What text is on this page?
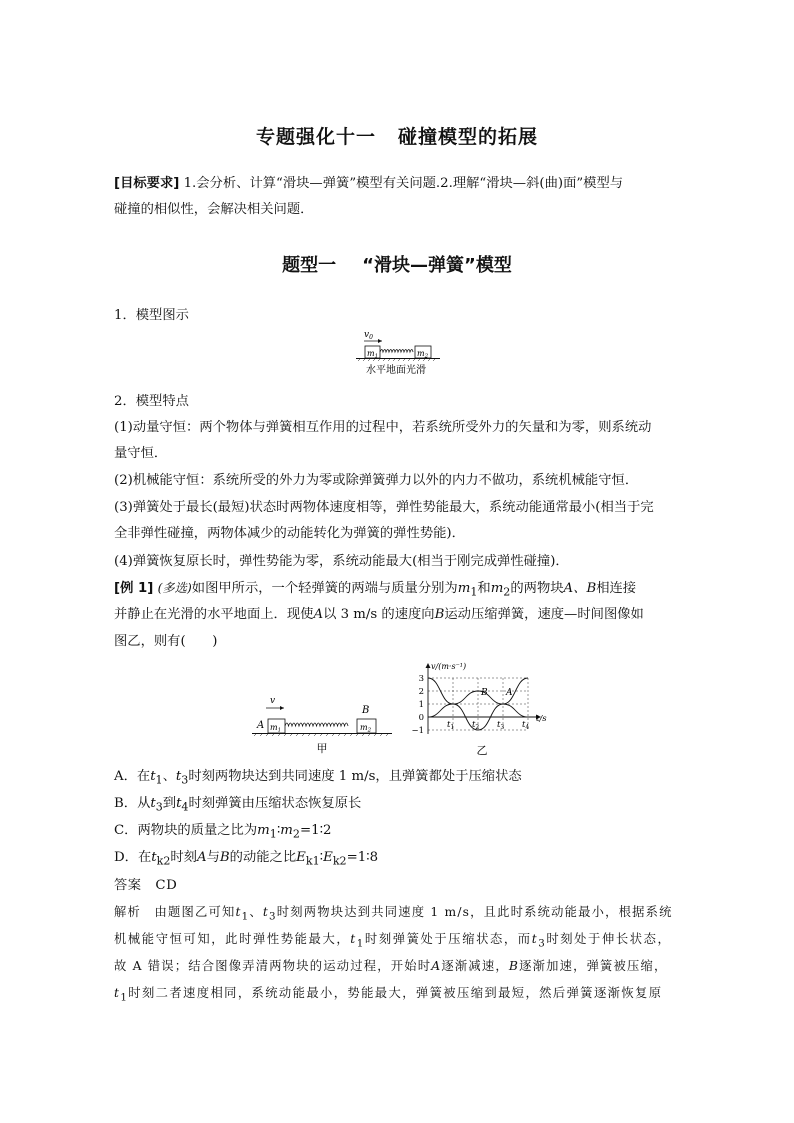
专题强化十一 碰撞模型的拓展
[目标要求] 1.会分析、计算“滑块—弹簧”模型有关问题.2.理解“滑块—斜(曲)面”模型与
碰撞的相似性，会解决相关问题．
题型一 “滑块—弹簧”模型
1．模型图示
$v_0$
m1	m2
水平地面光滑
2．模型特点
(1)动量守恒：两个物体与弹簧相互作用的过程中，若系统所受外力的矢量和为零，则系统动
量守恒．
(2)机械能守恒：系统所受的外力为零或除弹簧弹力以外的内力不做功，系统机械能守恒．
(3)弹簧处于最长(最短)状态时两物体速度相等，弹性势能最大，系统动能通常最小(相当于完
全非弹性碰撞，两物体减少的动能转化为弹簧的弹性势能)．
(4)弹簧恢复原长时，弹性势能为零，系统动能最大(相当于刚完成弹性碰撞)．
[例 1] (多选)如图甲所示，一个轻弹簧的两端与质量分别为$m_1$和$m_2$的两物块A、B相连接
并静止在光滑的水平地面上．现使A以 3 m/s 的速度向B运动压缩弹簧，速度—时间图像如
图乙，则有(　　)
v
A m1
B
m2
甲
v/(m·s⁻¹)
3
2
1
0
−1
t/s
$t_1$ $t_2$ $t_3$ $t_4$
B A
乙
A．在$t_1$、$t_3$时刻两物块达到共同速度 1 m/s，且弹簧都处于压缩状态
B．从$t_3$到$t_4$时刻弹簧由压缩状态恢复原长
C．两物块的质量之比为$m_1∶m_2=1∶2$
D．在$t_{k2}$时刻A与B的动能之比$E_{k1}∶E_{k2}=1∶8$
答案  CD
解析  由题图乙可知$t_1$、$t_3$时刻两物块达到共同速度 1 m/s，且此时系统动能最小，根据系统
机械能守恒可知，此时弹性势能最大，$t_1$时刻弹簧处于压缩状态，而$t_3$时刻处于伸长状态，
故 A 错误；结合图像弄清两物块的运动过程，开始时A逐渐减速，B逐渐加速，弹簧被压缩，
$t_1$时刻二者速度相同，系统动能最小，势能最大，弹簧被压缩到最短，然后弹簧逐渐恢复原
